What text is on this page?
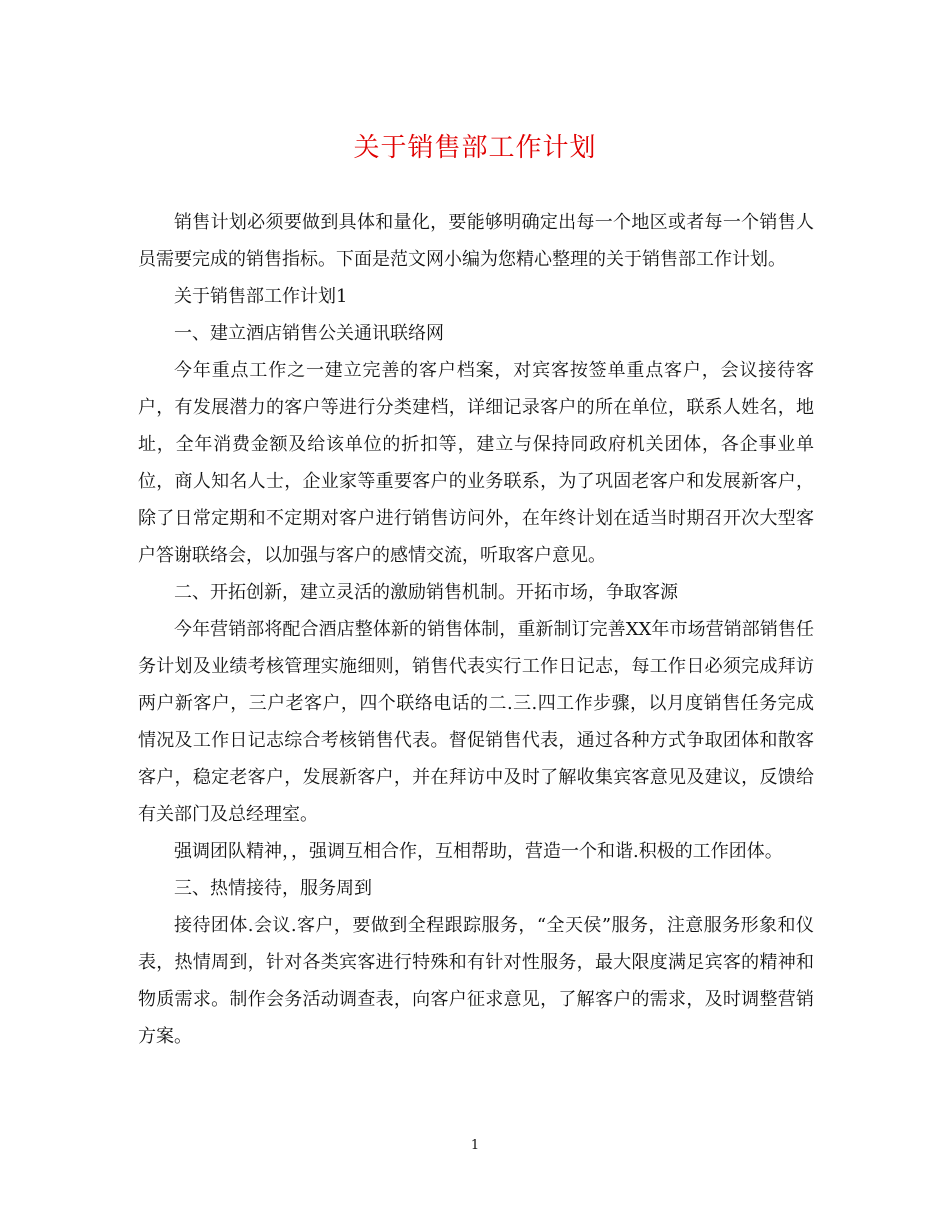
关于销售部工作计划

销售计划必须要做到具体和量化，要能够明确定出每一个地区或者每一个销售人员需要完成的销售指标。下面是范文网小编为您精心整理的关于销售部工作计划。

关于销售部工作计划1

一、建立酒店销售公关通讯联络网

今年重点工作之一建立完善的客户档案，对宾客按签单重点客户，会议接待客户，有发展潜力的客户等进行分类建档，详细记录客户的所在单位，联系人姓名，地址，全年消费金额及给该单位的折扣等，建立与保持同政府机关团体，各企事业单位，商人知名人士，企业家等重要客户的业务联系，为了巩固老客户和发展新客户，除了日常定期和不定期对客户进行销售访问外，在年终计划在适当时期召开次大型客户答谢联络会，以加强与客户的感情交流，听取客户意见。

二、开拓创新，建立灵活的激励销售机制。开拓市场，争取客源

今年营销部将配合酒店整体新的销售体制，重新制订完善XX年市场营销部销售任务计划及业绩考核管理实施细则，销售代表实行工作日记志，每工作日必须完成拜访两户新客户，三户老客户，四个联络电话的二.三.四工作步骤，以月度销售任务完成情况及工作日记志综合考核销售代表。督促销售代表，通过各种方式争取团体和散客客户，稳定老客户，发展新客户，并在拜访中及时了解收集宾客意见及建议，反馈给有关部门及总经理室。

强调团队精神，，强调互相合作，互相帮助，营造一个和谐.积极的工作团体。

三、热情接待，服务周到

接待团体.会议.客户，要做到全程跟踪服务，“全天侯”服务，注意服务形象和仪表，热情周到，针对各类宾客进行特殊和有针对性服务，最大限度满足宾客的精神和物质需求。制作会务活动调查表，向客户征求意见，了解客户的需求，及时调整营销方案。

1
